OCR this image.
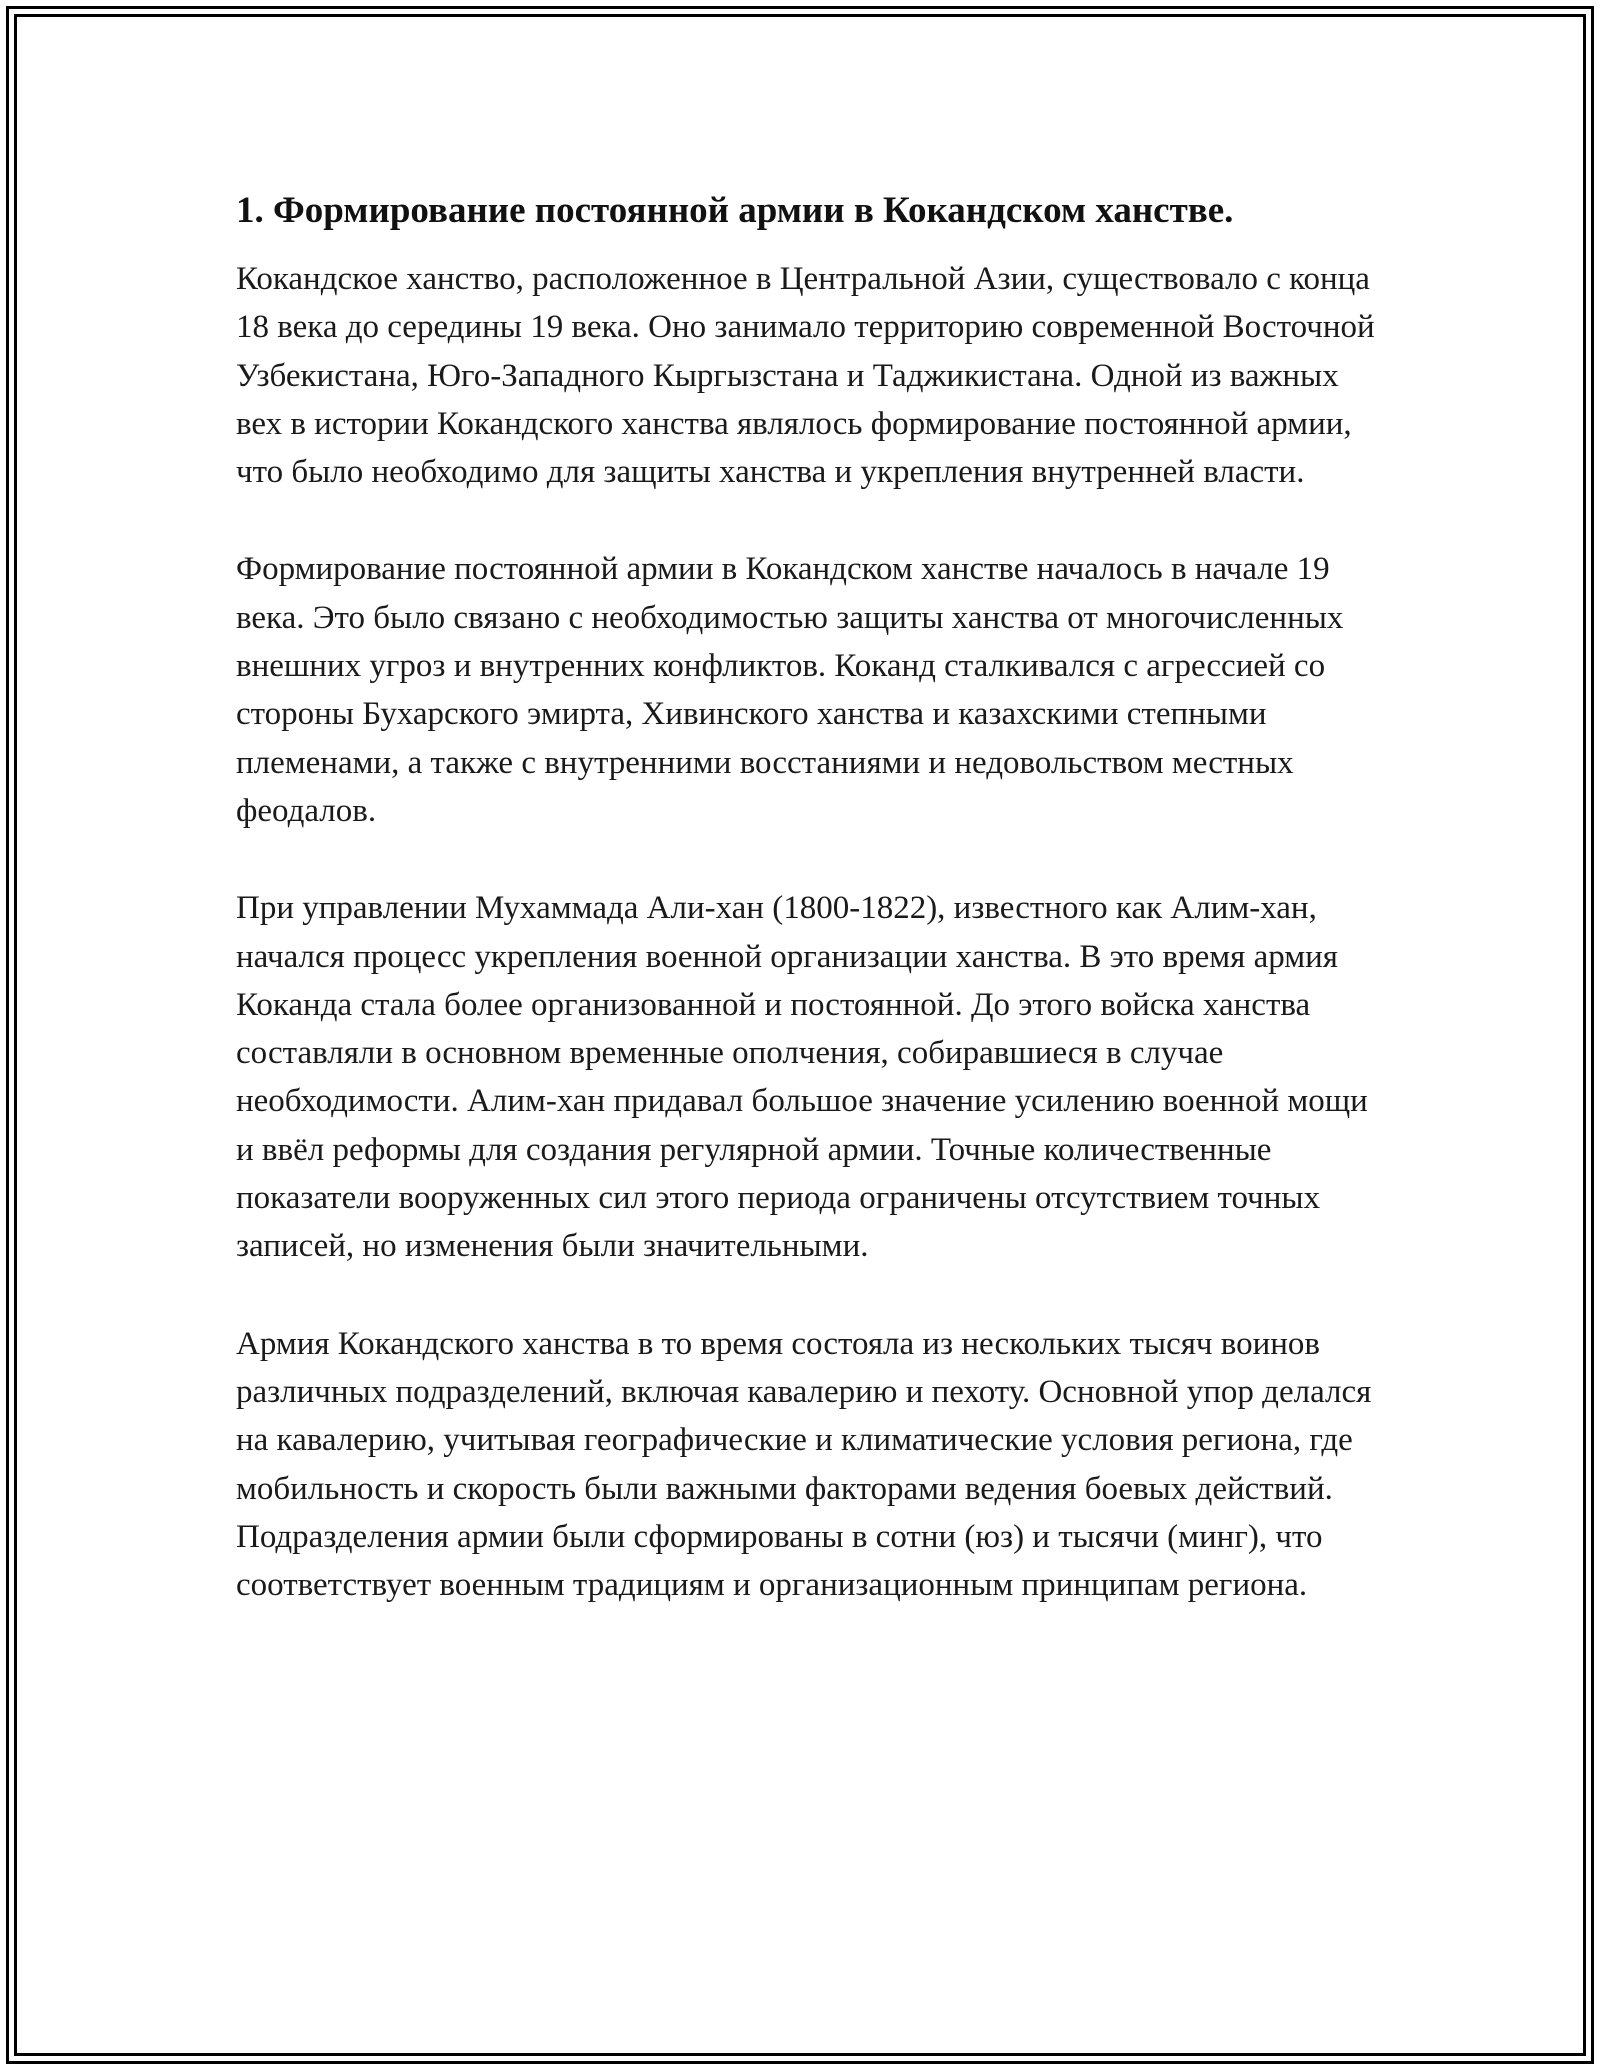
1. Формирование постоянной армии в Кокандском ханстве.

Кокандское ханство, расположенное в Центральной Азии, существовало с конца 18 века до середины 19 века. Оно занимало территорию современной Восточной Узбекистана, Юго-Западного Кыргызстана и Таджикистана. Одной из важных вех в истории Кокандского ханства являлось формирование постоянной армии, что было необходимо для защиты ханства и укрепления внутренней власти.

Формирование постоянной армии в Кокандском ханстве началось в начале 19 века. Это было связано с необходимостью защиты ханства от многочисленных внешних угроз и внутренних конфликтов. Коканд сталкивался с агрессией со стороны Бухарского эмирта, Хивинского ханства и казахскими степными племенами, а также с внутренними восстаниями и недовольством местных феодалов.

При управлении Мухаммада Али-хан (1800-1822), известного как Алим-хан, начался процесс укрепления военной организации ханства. В это время армия Коканда стала более организованной и постоянной. До этого войска ханства составляли в основном временные ополчения, собиравшиеся в случае необходимости. Алим-хан придавал большое значение усилению военной мощи и ввёл реформы для создания регулярной армии. Точные количественные показатели вооруженных сил этого периода ограничены отсутствием точных записей, но изменения были значительными.

Армия Кокандского ханства в то время состояла из нескольких тысяч воинов различных подразделений, включая кавалерию и пехоту. Основной упор делался на кавалерию, учитывая географические и климатические условия региона, где мобильность и скорость были важными факторами ведения боевых действий. Подразделения армии были сформированы в сотни (юз) и тысячи (минг), что соответствует военным традициям и организационным принципам региона.
